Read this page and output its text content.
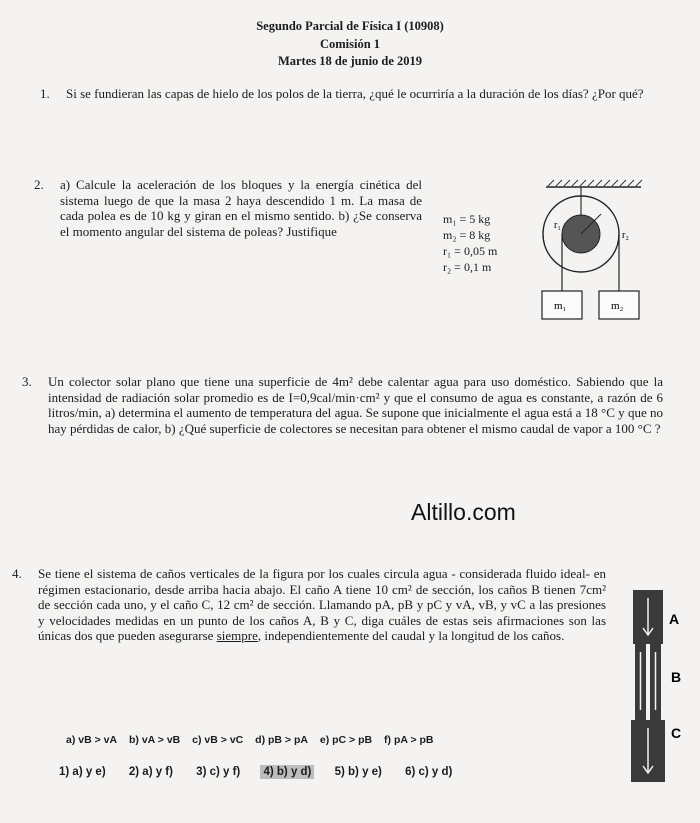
Segundo Parcial de Física I (10908)
Comisión 1
Martes 18 de junio de 2019
1. Si se fundieran las capas de hielo de los polos de la tierra, ¿qué le ocurriría a la duración de los días? ¿Por qué?
2. a) Calcule la aceleración de los bloques y la energía cinética del sistema luego de que la masa 2 haya descendido 1 m. La masa de cada polea es de 10 kg y giran en el mismo sentido. b) ¿Se conserva el momento angular del sistema de poleas? Justifique
m₁ = 5 kg
m₂ = 8 kg
r₁ = 0,05 m
r₂ = 0,1 m
r₁
r₂
m₁	m₂
3. Un colector solar plano que tiene una superficie de 4m² debe calentar agua para uso doméstico. Sabiendo que la intensidad de radiación solar promedio es de I=0,9cal/min·cm² y que el consumo de agua es constante, a razón de 6 litros/min, a) determina el aumento de temperatura del agua. Se supone que inicialmente el agua está a 18 °C y que no hay pérdidas de calor, b) ¿Qué superficie de colectores se necesitan para obtener el mismo caudal de vapor a 100 °C ?
Altillo.com
4. Se tiene el sistema de caños verticales de la figura por los cuales circula agua - considerada fluido ideal- en régimen estacionario, desde arriba hacia abajo. El caño A tiene 10 cm² de sección, los caños B tienen 7cm² de sección cada uno, y el caño C, 12 cm² de sección. Llamando pA, pB y pC y vA, vB, y vC a las presiones y velocidades medidas en un punto de los caños A, B y C, diga cuáles de estas seis afirmaciones son las únicas dos que pueden asegurarse siempre, independientemente del caudal y la longitud de los caños.
a) vB > vA b) vA > vB c) vB > vC d) pB > pA e) pC > pB f) pA > pB
1) a) y e) 2) a) y f) 3) c) y f) 4) b) y d) 5) b) y e) 6) c) y d)
A
B
C
